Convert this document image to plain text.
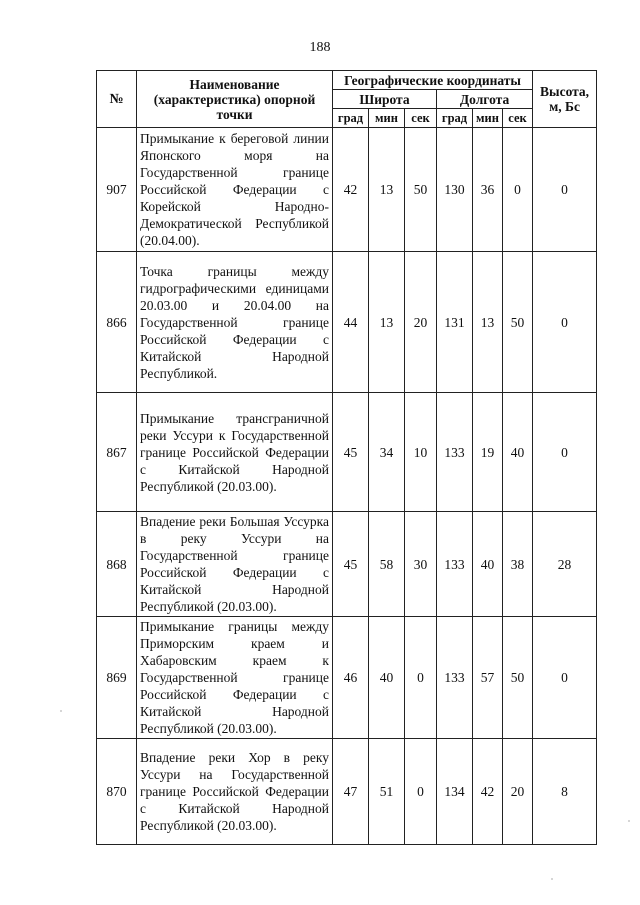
188
№	Наименование (характеристика) опорной точки	Географические координаты						Высота, м, Бс
		Широта			Долгота			
		град	мин	сек	град	мин	сек	
907	Примыкание к береговой линии Японского моря на Государственной границе Российской Федерации с Корейской Народно-Демократической Республикой (20.04.00).	42	13	50	130	36	0	0
866	Точка границы между гидрографическими единицами 20.03.00 и 20.04.00 на Государственной границе Российской Федерации с Китайской Народной Республикой.	44	13	20	131	13	50	0
867	Примыкание трансграничной реки Уссури к Государственной границе Российской Федерации с Китайской Народной Республикой (20.03.00).	45	34	10	133	19	40	0
868	Впадение реки Большая Уссурка в реку Уссури на Государственной границе Российской Федерации с Китайской Народной Республикой (20.03.00).	45	58	30	133	40	38	28
869	Примыкание границы между Приморским краем и Хабаровским краем к Государственной границе Российской Федерации с Китайской Народной Республикой (20.03.00).	46	40	0	133	57	50	0
870	Впадение реки Хор в реку Уссури на Государственной границе Российской Федерации с Китайской Народной Республикой (20.03.00).	47	51	0	134	42	20	8
